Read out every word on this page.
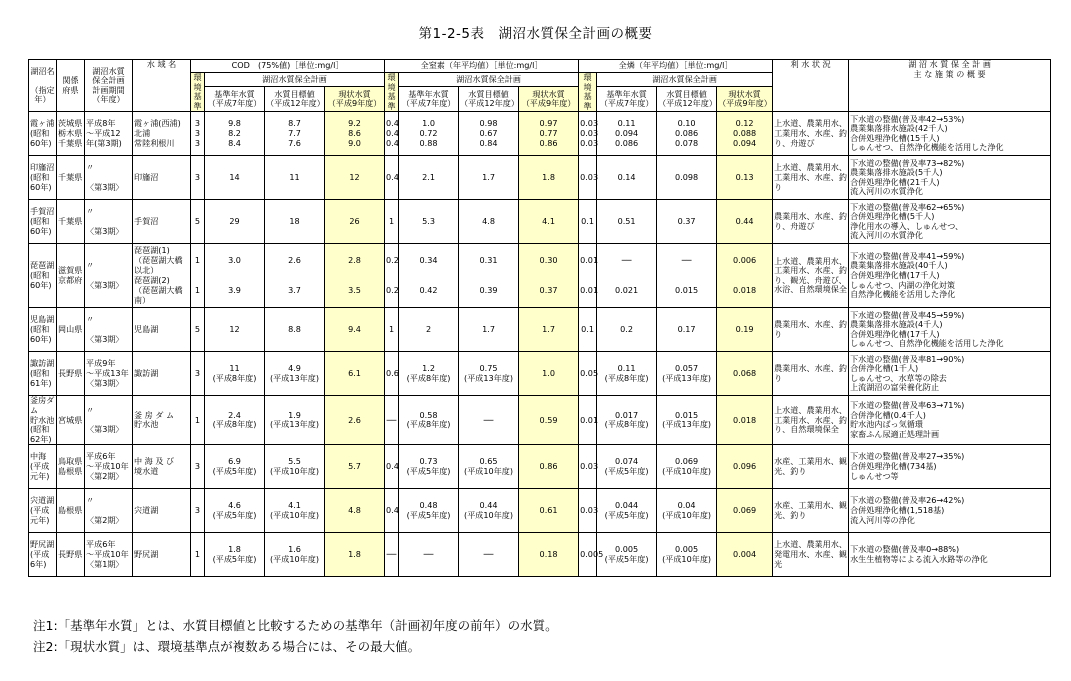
第1-2-5表　湖沼水質保全計画の概要
湖沼名

（指定年）	関係
府県	湖沼水質
保全計画
計画期間
（年度）	水 域 名	COD　(75%値)［単位:mg/l］				全窒素（年平均値）［単位:mg/l］				全燐（年平均値）［単位:mg/l］				利 水 状 況	湖 沼 水 質 保 全 計 画
主 な 施 策 の 概 要
				環
境
基
準	湖沼水質保全計画			環
境
基
準	湖沼水質保全計画			環
境
基
準	湖沼水質保全計画				
					基準年水質
（平成7年度）	水質目標値
（平成12年度）	現状水質
（平成9年度）		基準年水質
（平成7年度）	水質目標値
（平成12年度）	現状水質
（平成9年度）		基準年水質
（平成7年度）	水質目標値
（平成12年度）	現状水質
（平成9年度）		
霞ヶ浦
(昭和
60年)	茨城県
栃木県
千葉県	平成8年
～平成12
年(第3期)	霞ヶ浦(西浦)
北浦
常陸利根川	3
3
3	9.8
8.2
8.4	8.7
7.7
7.6	9.2
8.6
9.0	0.4
0.4
0.4	1.0
0.72
0.88	0.98
0.67
0.84	0.97
0.77
0.86	0.03
0.03
0.03	0.11
0.094
0.086	0.10
0.086
0.078	0.12
0.088
0.094	上水道、農業用水、工業用水、水産、釣り、舟遊び	下水道の整備(普及率42→53%)
農業集落排水施設(42千人)
合併処理浄化槽(15千人)
しゅんせつ、自然浄化機能を活用した浄化
印旛沼
(昭和
60年)	千葉県	〃

〈第3期〉	印旛沼	3	14	11	12	0.4	2.1	1.7	1.8	0.03	0.14	0.098	0.13	上水道、農業用水、工業用水、水産、釣り	下水道の整備(普及率73→82%)
農業集落排水施設(5千人)
合併処理浄化槽(21千人)
流入河川の水質浄化
手賀沼
(昭和
60年)	千葉県	〃

〈第3期〉	手賀沼	5	29	18	26	1	5.3	4.8	4.1	0.1	0.51	0.37	0.44	農業用水、水産、釣り、舟遊び	下水道の整備(普及率62→65%)
合併処理浄化槽(5千人)
浄化用水の導入、しゅんせつ、
流入河川の水質浄化
琵琶湖
(昭和
60年)	滋賀県
京都府	〃

〈第3期〉	琵琶湖(1)
（琵琶湖大橋以北）
琵琶湖(2)
（琵琶湖大橋南）	1
1	3.0
3.9	2.6
3.7	2.8
3.5	0.2
0.2	0.34
0.42	0.31
0.39	0.30
0.37	0.01
0.01	──
0.021	──
0.015	0.006
0.018	上水道、農業用水、工業用水、水産、釣り、観光、舟遊び、水浴、自然環境保全	下水道の整備(普及率41→59%)
農業集落排水施設(40千人)
合併処理浄化槽(17千人)
しゅんせつ、内湖の浄化対策
自然浄化機能を活用した浄化
児島湖
(昭和
60年)	岡山県	〃

〈第3期〉	児島湖	5	12	8.8	9.4	1	2	1.7	1.7	0.1	0.2	0.17	0.19	農業用水、水産、釣り	下水道の整備(普及率45→59%)
農業集落排水施設(4千人)
合併処理浄化槽(17千人)
しゅんせつ、自然浄化機能を活用した浄化
諏訪湖
(昭和
61年)	長野県	平成9年
～平成13年
〈第3期〉	諏訪湖	3	11
(平成8年度)	4.9
(平成13年度)	6.1	0.6	1.2
(平成8年度)	0.75
(平成13年度)	1.0	0.05	0.11
(平成8年度)	0.057
(平成13年度)	0.068	農業用水、水産、釣り	下水道の整備(普及率81→90%)
合併浄化槽(1千人)
しゅんせつ、水草等の除去
上流湖沼の富栄養化防止
釜房ダム
貯水池
(昭和
62年)	宮城県	〃

〈第3期〉	釜 房 ダ ム
貯水池	1	2.4
(平成8年度)	1.9
(平成13年度)	2.6	──	0.58
(平成8年度)	──	0.59	0.01	0.017
(平成8年度)	0.015
(平成13年度)	0.018	上水道、農業用水、工業用水、水産、釣り、自然環境保全	下水道の整備(普及率63→71%)
合併浄化槽(0.4千人)
貯水池内ばっ気循環
家畜ふん尿適正処理計画
中海
(平成
元年)	鳥取県
島根県	平成6年
～平成10年
〈第2期〉	中 海 及 び
境水道	3	6.9
(平成5年度)	5.5
(平成10年度)	5.7	0.4	0.73
(平成5年度)	0.65
(平成10年度)	0.86	0.03	0.074
(平成5年度)	0.069
(平成10年度)	0.096	水産、工業用水、観光、釣り	下水道の整備(普及率27→35%)
合併処理浄化槽(734基)
しゅんせつ等
宍道湖
(平成
元年)	島根県	〃

〈第2期〉	宍道湖	3	4.6
(平成5年度)	4.1
(平成10年度)	4.8	0.4	0.48
(平成5年度)	0.44
(平成10年度)	0.61	0.03	0.044
(平成5年度)	0.04
(平成10年度)	0.069	水産、工業用水、観光、釣り	下水道の整備(普及率26→42%)
合併処理浄化槽(1,518基)
流入河川等の浄化
野尻湖
(平成
6年)	長野県	平成6年
～平成10年
〈第1期〉	野尻湖	1	1.8
(平成5年度)	1.6
(平成10年度)	1.8	──	──	──	0.18	0.005	0.005
(平成5年度)	0.005
(平成10年度)	0.004	上水道、農業用水、発電用水、水産、観光	下水道の整備(普及率0→88%)
水生生植物等による流入水路等の浄化
注1:「基準年水質」とは、水質目標値と比較するための基準年（計画初年度の前年）の水質。
注2:「現状水質」は、環境基準点が複数ある場合には、その最大値。
